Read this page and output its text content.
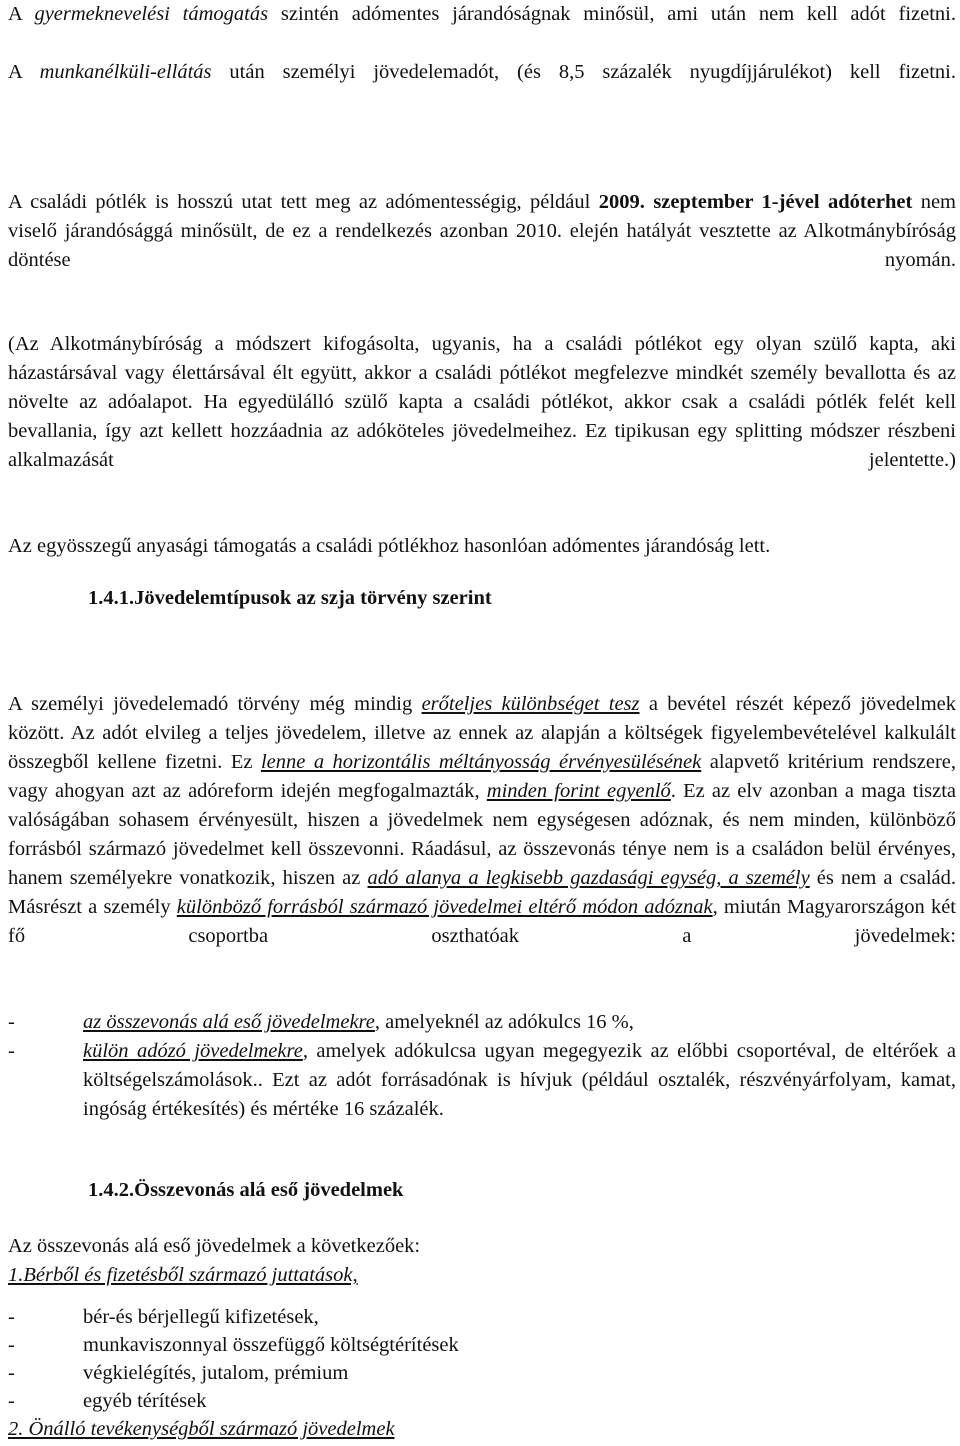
A gyermeknevelési támogatás szintén adómentes járandóságnak minősül, ami után nem kell adót fizetni.
A munkanélküli-ellátás után személyi jövedelemadót, (és 8,5 százalék nyugdíjjárulékot) kell fizetni.
A családi pótlék is hosszú utat tett meg az adómentességig, például 2009. szeptember 1-jével adóterhet nem viselő járandósággá minősült, de ez a rendelkezés azonban 2010. elején hatályát vesztette az Alkotmánybíróság döntése nyomán.
(Az Alkotmánybíróság a módszert kifogásolta, ugyanis, ha a családi pótlékot egy olyan szülő kapta, aki házastársával vagy élettársával élt együtt, akkor a családi pótlékot megfelezve mindkét személy bevallotta és az növelte az adóalapot. Ha egyedülálló szülő kapta a családi pótlékot, akkor csak a családi pótlék felét kell bevallania, így azt kellett hozzáadnia az adóköteles jövedelmeihez. Ez tipikusan egy splitting módszer részbeni alkalmazását jelentette.)
Az egyösszegű anyasági támogatás a családi pótlékhoz hasonlóan adómentes járandóság lett.
1.4.1.Jövedelemtípusok az szja törvény szerint
A személyi jövedelemadó törvény még mindig erőteljes különbséget tesz a bevétel részét képező jövedelmek között. Az adót elvileg a teljes jövedelem, illetve az ennek az alapján a költségek figyelembevételével kalkulált összegből kellene fizetni. Ez lenne a horizontális méltányosság érvényesülésének alapvető kritérium rendszere, vagy ahogyan azt az adóreform idején megfogalmazták, minden forint egyenlő. Ez az elv azonban a maga tiszta valóságában sohasem érvényesült, hiszen a jövedelmek nem egységesen adóznak, és nem minden, különböző forrásból származó jövedelmet kell összevonni. Ráadásul, az összevonás ténye nem is a családon belül érvényes, hanem személyekre vonatkozik, hiszen az adó alanya a legkisebb gazdasági egység, a személy és nem a család. Másrészt a személy különböző forrásból származó jövedelmei eltérő módon adóznak, miután Magyarországon két fő csoportba oszthatóak a jövedelmek:
-	az összevonás alá eső jövedelmekre, amelyeknél az adókulcs 16 %,
-	külön adózó jövedelmekre, amelyek adókulcsa ugyan megegyezik az előbbi csoportéval, de eltérőek a költségelszámolások.. Ezt az adót forrásadónak is hívjuk (például osztalék, részvényárfolyam, kamat, ingóság értékesítés) és mértéke 16 százalék.
1.4.2.Összevonás alá eső jövedelmek
Az összevonás alá eső jövedelmek a következőek:
1.Bérből és fizetésből származó juttatások,
-	bér-és bérjellegű kifizetések,
-	munkaviszonnyal összefüggő költségtérítések
-	végkielégítés, jutalom, prémium
-	egyéb térítések
2. Önálló tevékenységből származó jövedelmek
